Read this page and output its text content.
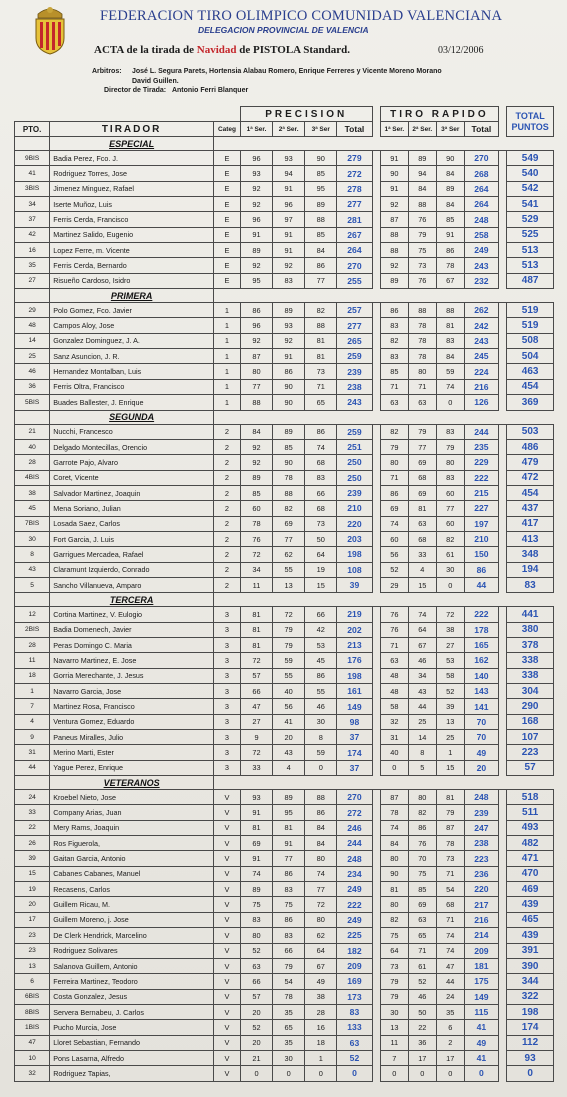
FEDERACION TIRO OLIMPICO COMUNIDAD VALENCIANA
DELEGACION PROVINCIAL DE VALENCIA
ACTA de la tirada de Navidad de PISTOLA Standard.	03/12/2006
Arbitros: José L. Segura Parets, Hortensia Alabau Romero, Enrique Ferreres y Vicente Moreno Morano
David Guillen.
Director de Tirada: Antonio Ferri Blanquer
			PRECISION					TIRO RAPIDO					TOTAL
PUNTOS
PTO.	TIRADOR	Categ	1ª Ser.	2ª Ser.	3ª Ser	Total		1ª Ser.	2ª Ser.	3ª Ser	Total		
	ESPECIAL												
9BIS	Badia Perez, Fco. J.	E	96	93	90	279		91	89	90	270		549
41	Rodriguez Torres, Jose	E	93	94	85	272		90	94	84	268		540
3BIS	Jimenez Minguez, Rafael	E	92	91	95	278		91	84	89	264		542
34	Iserte Muñoz, Luis	E	92	96	89	277		92	88	84	264		541
37	Ferris Cerda, Francisco	E	96	97	88	281		87	76	85	248		529
42	Martinez Salido, Eugenio	E	91	91	85	267		88	79	91	258		525
16	Lopez Ferre, m. Vicente	E	89	91	84	264		88	75	86	249		513
35	Ferris Cerda, Bernardo	E	92	92	86	270		92	73	78	243		513
27	Risueño Cardoso, Isidro	E	95	83	77	255		89	76	67	232		487
	PRIMERA												
29	Polo Gomez, Fco. Javier	1	86	89	82	257		86	88	88	262		519
48	Campos Aloy, Jose	1	96	93	88	277		83	78	81	242		519
14	Gonzalez Dominguez, J. A.	1	92	92	81	265		82	78	83	243		508
25	Sanz Asuncion, J. R.	1	87	91	81	259		83	78	84	245		504
46	Hernandez Montalban, Luis	1	80	86	73	239		85	80	59	224		463
36	Ferris Oltra, Francisco	1	77	90	71	238		71	71	74	216		454
5BIS	Buades Ballester, J. Enrique	1	88	90	65	243		63	63	0	126		369
	SEGUNDA												
21	Nucchi, Francesco	2	84	89	86	259		82	79	83	244		503
40	Delgado Montecillas, Orencio	2	92	85	74	251		79	77	79	235		486
28	Garrote Pajo, Alvaro	2	92	90	68	250		80	69	80	229		479
4BIS	Coret, Vicente	2	89	78	83	250		71	68	83	222		472
38	Salvador Martinez, Joaquin	2	85	88	66	239		86	69	60	215		454
45	Mena Soriano, Julian	2	60	82	68	210		69	81	77	227		437
7BIS	Losada Saez, Carlos	2	78	69	73	220		74	63	60	197		417
30	Fort Garcia, J. Luis	2	76	77	50	203		60	68	82	210		413
8	Garrigues Mercadea, Rafael	2	72	62	64	198		56	33	61	150		348
43	Claramunt Izquierdo, Conrado	2	34	55	19	108		52	4	30	86		194
5	Sancho Villanueva, Amparo	2	11	13	15	39		29	15	0	44		83
	TERCERA												
12	Cortina Martinez, V. Eulogio	3	81	72	66	219		76	74	72	222		441
2BIS	Badia Domenech, Javier	3	81	79	42	202		76	64	38	178		380
28	Peras Domingo C. Maria	3	81	79	53	213		71	67	27	165		378
11	Navarro Martinez, E. Jose	3	72	59	45	176		63	46	53	162		338
18	Gorria Merechante, J. Jesus	3	57	55	86	198		48	34	58	140		338
1	Navarro Garcia, Jose	3	66	40	55	161		48	43	52	143		304
7	Martinez Rosa, Francisco	3	47	56	46	149		58	44	39	141		290
4	Ventura Gomez, Eduardo	3	27	41	30	98		32	25	13	70		168
9	Paneus Miralles, Julio	3	9	20	8	37		31	14	25	70		107
31	Merino Marti, Ester	3	72	43	59	174		40	8	1	49		223
44	Yague Perez, Enrique	3	33	4	0	37		0	5	15	20		57
	VETERANOS												
24	Kroebel Nieto, Jose	V	93	89	88	270		87	80	81	248		518
33	Company Arias, Juan	V	91	95	86	272		78	82	79	239		511
22	Mery Rams, Joaquin	V	81	81	84	246		74	86	87	247		493
26	Ros Figuerola,	V	69	91	84	244		84	76	78	238		482
39	Gaitan Garcia, Antonio	V	91	77	80	248		80	70	73	223		471
15	Cabanes Cabanes, Manuel	V	74	86	74	234		90	75	71	236		470
19	Recasens, Carlos	V	89	83	77	249		81	85	54	220		469
20	Guillem Ricau, M.	V	75	75	72	222		80	69	68	217		439
17	Guillem Moreno, j. Jose	V	83	86	80	249		82	63	71	216		465
23	De Clerk Hendrick, Marcelino	V	80	83	62	225		75	65	74	214		439
23	Rodriguez Solivares	V	52	66	64	182		64	71	74	209		391
13	Salanova Guillem, Antonio	V	63	79	67	209		73	61	47	181		390
6	Ferreira Martinez, Teodoro	V	66	54	49	169		79	52	44	175		344
6BIS	Costa Gonzalez, Jesus	V	57	78	38	173		79	46	24	149		322
8BIS	Servera Bernabeu, J. Carlos	V	20	35	28	83		30	50	35	115		198
1BIS	Pucho Murcia, Jose	V	52	65	16	133		13	22	6	41		174
47	Lloret Sebastian, Fernando	V	20	35	18	63		11	36	2	49		112
10	Pons Lasarna, Alfredo	V	21	30	1	52		7	17	17	41		93
32	Rodriguez Tapias,	V	0	0	0	0		0	0	0	0		0
